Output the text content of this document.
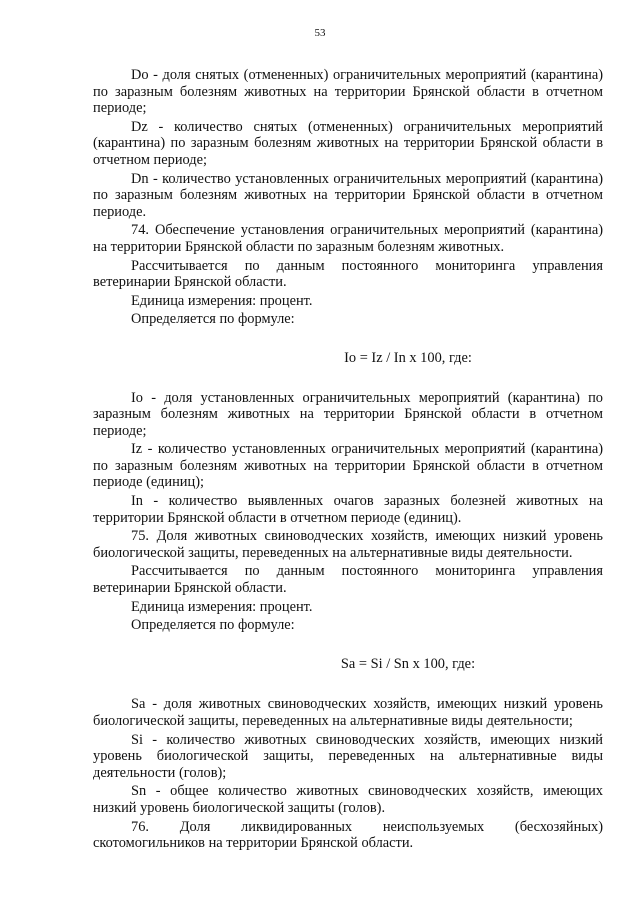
53

Do - доля снятых (отмененных) ограничительных мероприятий (карантина) по заразным болезням животных на территории Брянской области в отчетном периоде;

Dz - количество снятых (отмененных) ограничительных мероприятий (карантина) по заразным болезням животных на территории Брянской области в отчетном периоде;

Dn - количество установленных ограничительных мероприятий (карантина) по заразным болезням животных на территории Брянской области в отчетном периоде.

74. Обеспечение установления ограничительных мероприятий (карантина) на территории Брянской области по заразным болезням животных.

Рассчитывается по данным постоянного мониторинга управления ветеринарии Брянской области.

Единица измерения: процент.

Определяется по формуле:

Io = Iz / In x 100, где:

Io - доля установленных ограничительных мероприятий (карантина) по заразным болезням животных на территории Брянской области в отчетном периоде;

Iz - количество установленных ограничительных мероприятий (карантина) по заразным болезням животных на территории Брянской области в отчетном периоде (единиц);

In - количество выявленных очагов заразных болезней животных на территории Брянской области в отчетном периоде (единиц).

75. Доля животных свиноводческих хозяйств, имеющих низкий уровень биологической защиты, переведенных на альтернативные виды деятельности.

Рассчитывается по данным постоянного мониторинга управления ветеринарии Брянской области.

Единица измерения: процент.

Определяется по формуле:

Sa = Si / Sn x 100, где:

Sa - доля животных свиноводческих хозяйств, имеющих низкий уровень биологической защиты, переведенных на альтернативные виды деятельности;

Si - количество животных свиноводческих хозяйств, имеющих низкий уровень биологической защиты, переведенных на альтернативные виды деятельности (голов);

Sn - общее количество животных свиноводческих хозяйств, имеющих низкий уровень биологической защиты (голов).

76. Доля ликвидированных неиспользуемых (бесхозяйных) скотомогильников на территории Брянской области.
